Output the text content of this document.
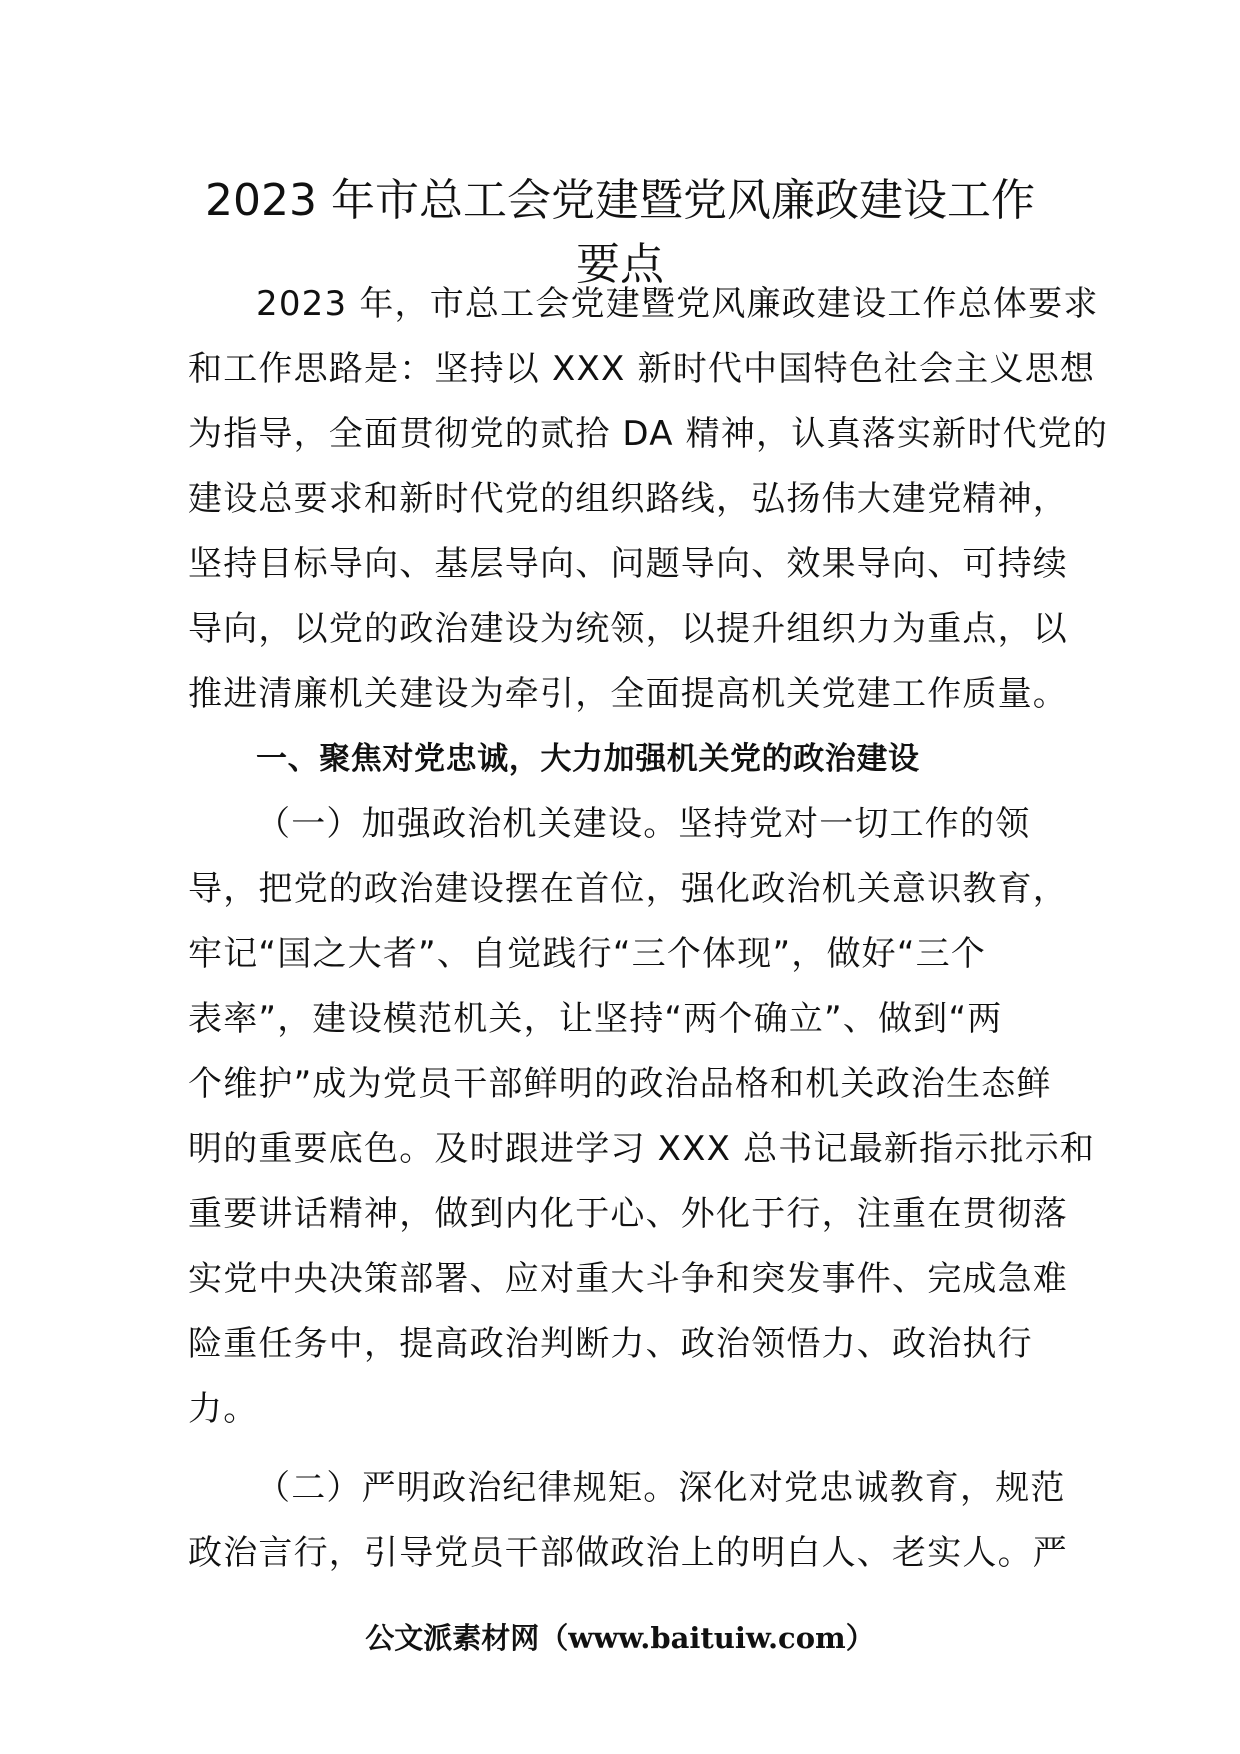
2023 年市总工会党建暨党风廉政建设工作
要点
2023 年，市总工会党建暨党风廉政建设工作总体要求
和工作思路是：坚持以 XXX 新时代中国特色社会主义思想
为指导，全面贯彻党的贰拾 DA 精神，认真落实新时代党的
建设总要求和新时代党的组织路线，弘扬伟大建党精神，
坚持目标导向、基层导向、问题导向、效果导向、可持续
导向，以党的政治建设为统领，以提升组织力为重点，以
推进清廉机关建设为牵引，全面提高机关党建工作质量。
一、聚焦对党忠诚，大力加强机关党的政治建设
（一）加强政治机关建设。坚持党对一切工作的领
导，把党的政治建设摆在首位，强化政治机关意识教育，
牢记“国之大者”、自觉践行“三个体现”，做好“三个
表率”，建设模范机关，让坚持“两个确立”、做到“两
个维护”成为党员干部鲜明的政治品格和机关政治生态鲜
明的重要底色。及时跟进学习 XXX 总书记最新指示批示和
重要讲话精神，做到内化于心、外化于行，注重在贯彻落
实党中央决策部署、应对重大斗争和突发事件、完成急难
险重任务中，提高政治判断力、政治领悟力、政治执行
力。
（二）严明政治纪律规矩。深化对党忠诚教育，规范
政治言行，引导党员干部做政治上的明白人、老实人。严
公文派素材网（www.baituiw.com）
